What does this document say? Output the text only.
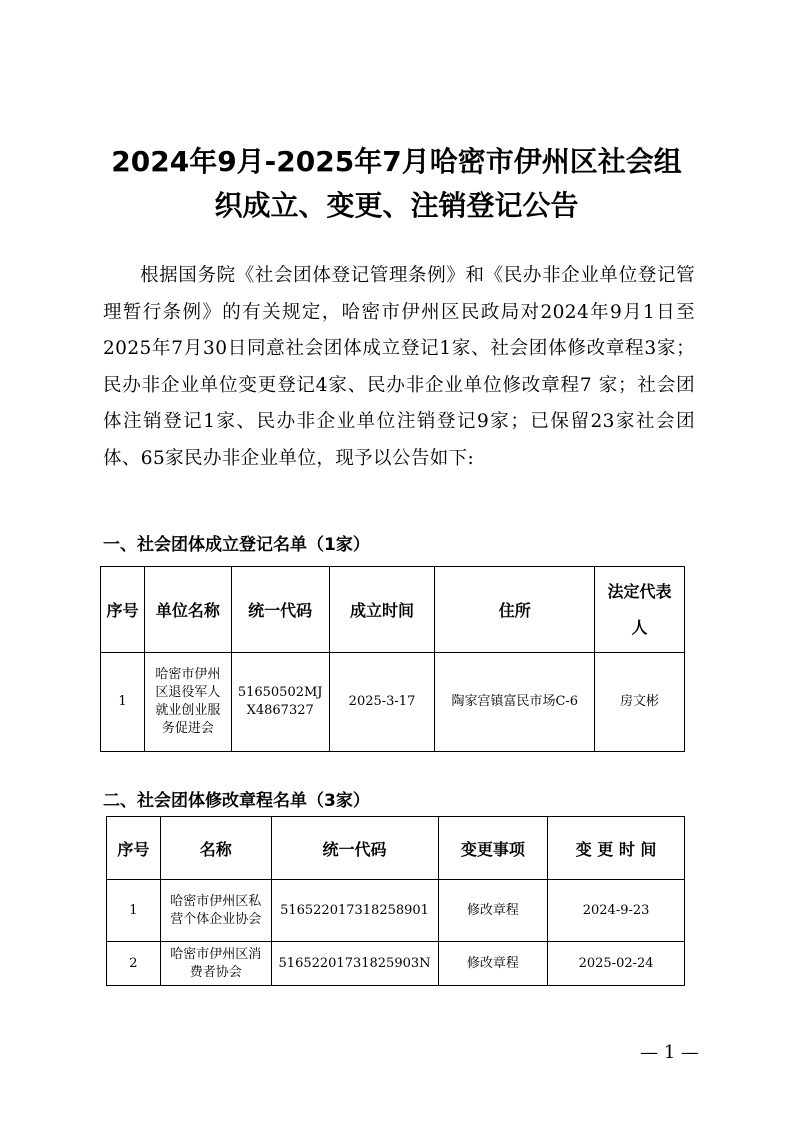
2024年9月-2025年7月哈密市伊州区社会组
织成立、变更、注销登记公告

根据国务院《社会团体登记管理条例》和《民办非企业单位登记管理暂行条例》的有关规定，哈密市伊州区民政局对2024年9月1日至2025年7月30日同意社会团体成立登记1家、社会团体修改章程3家；民办非企业单位变更登记4家、民办非企业单位修改章程7 家；社会团体注销登记1家、民办非企业单位注销登记9家；已保留23家社会团体、65家民办非企业单位，现予以公告如下:

一、社会团体成立登记名单（1家）
序号	单位名称	统一代码	成立时间	住所	法定代表人
1	哈密市伊州区退役军人就业创业服务促进会	51650502MJX4867327	2025-3-17	陶家宫镇富民市场C-6	房文彬
二、社会团体修改章程名单（3家）
序号	名称	统一代码	变更事项	变 更 时 间
1	哈密市伊州区私营个体企业协会	516522017318258901	修改章程	2024-9-23
2	哈密市伊州区消费者协会	51652201731825903N	修改章程	2025-02-24
— 1 —
